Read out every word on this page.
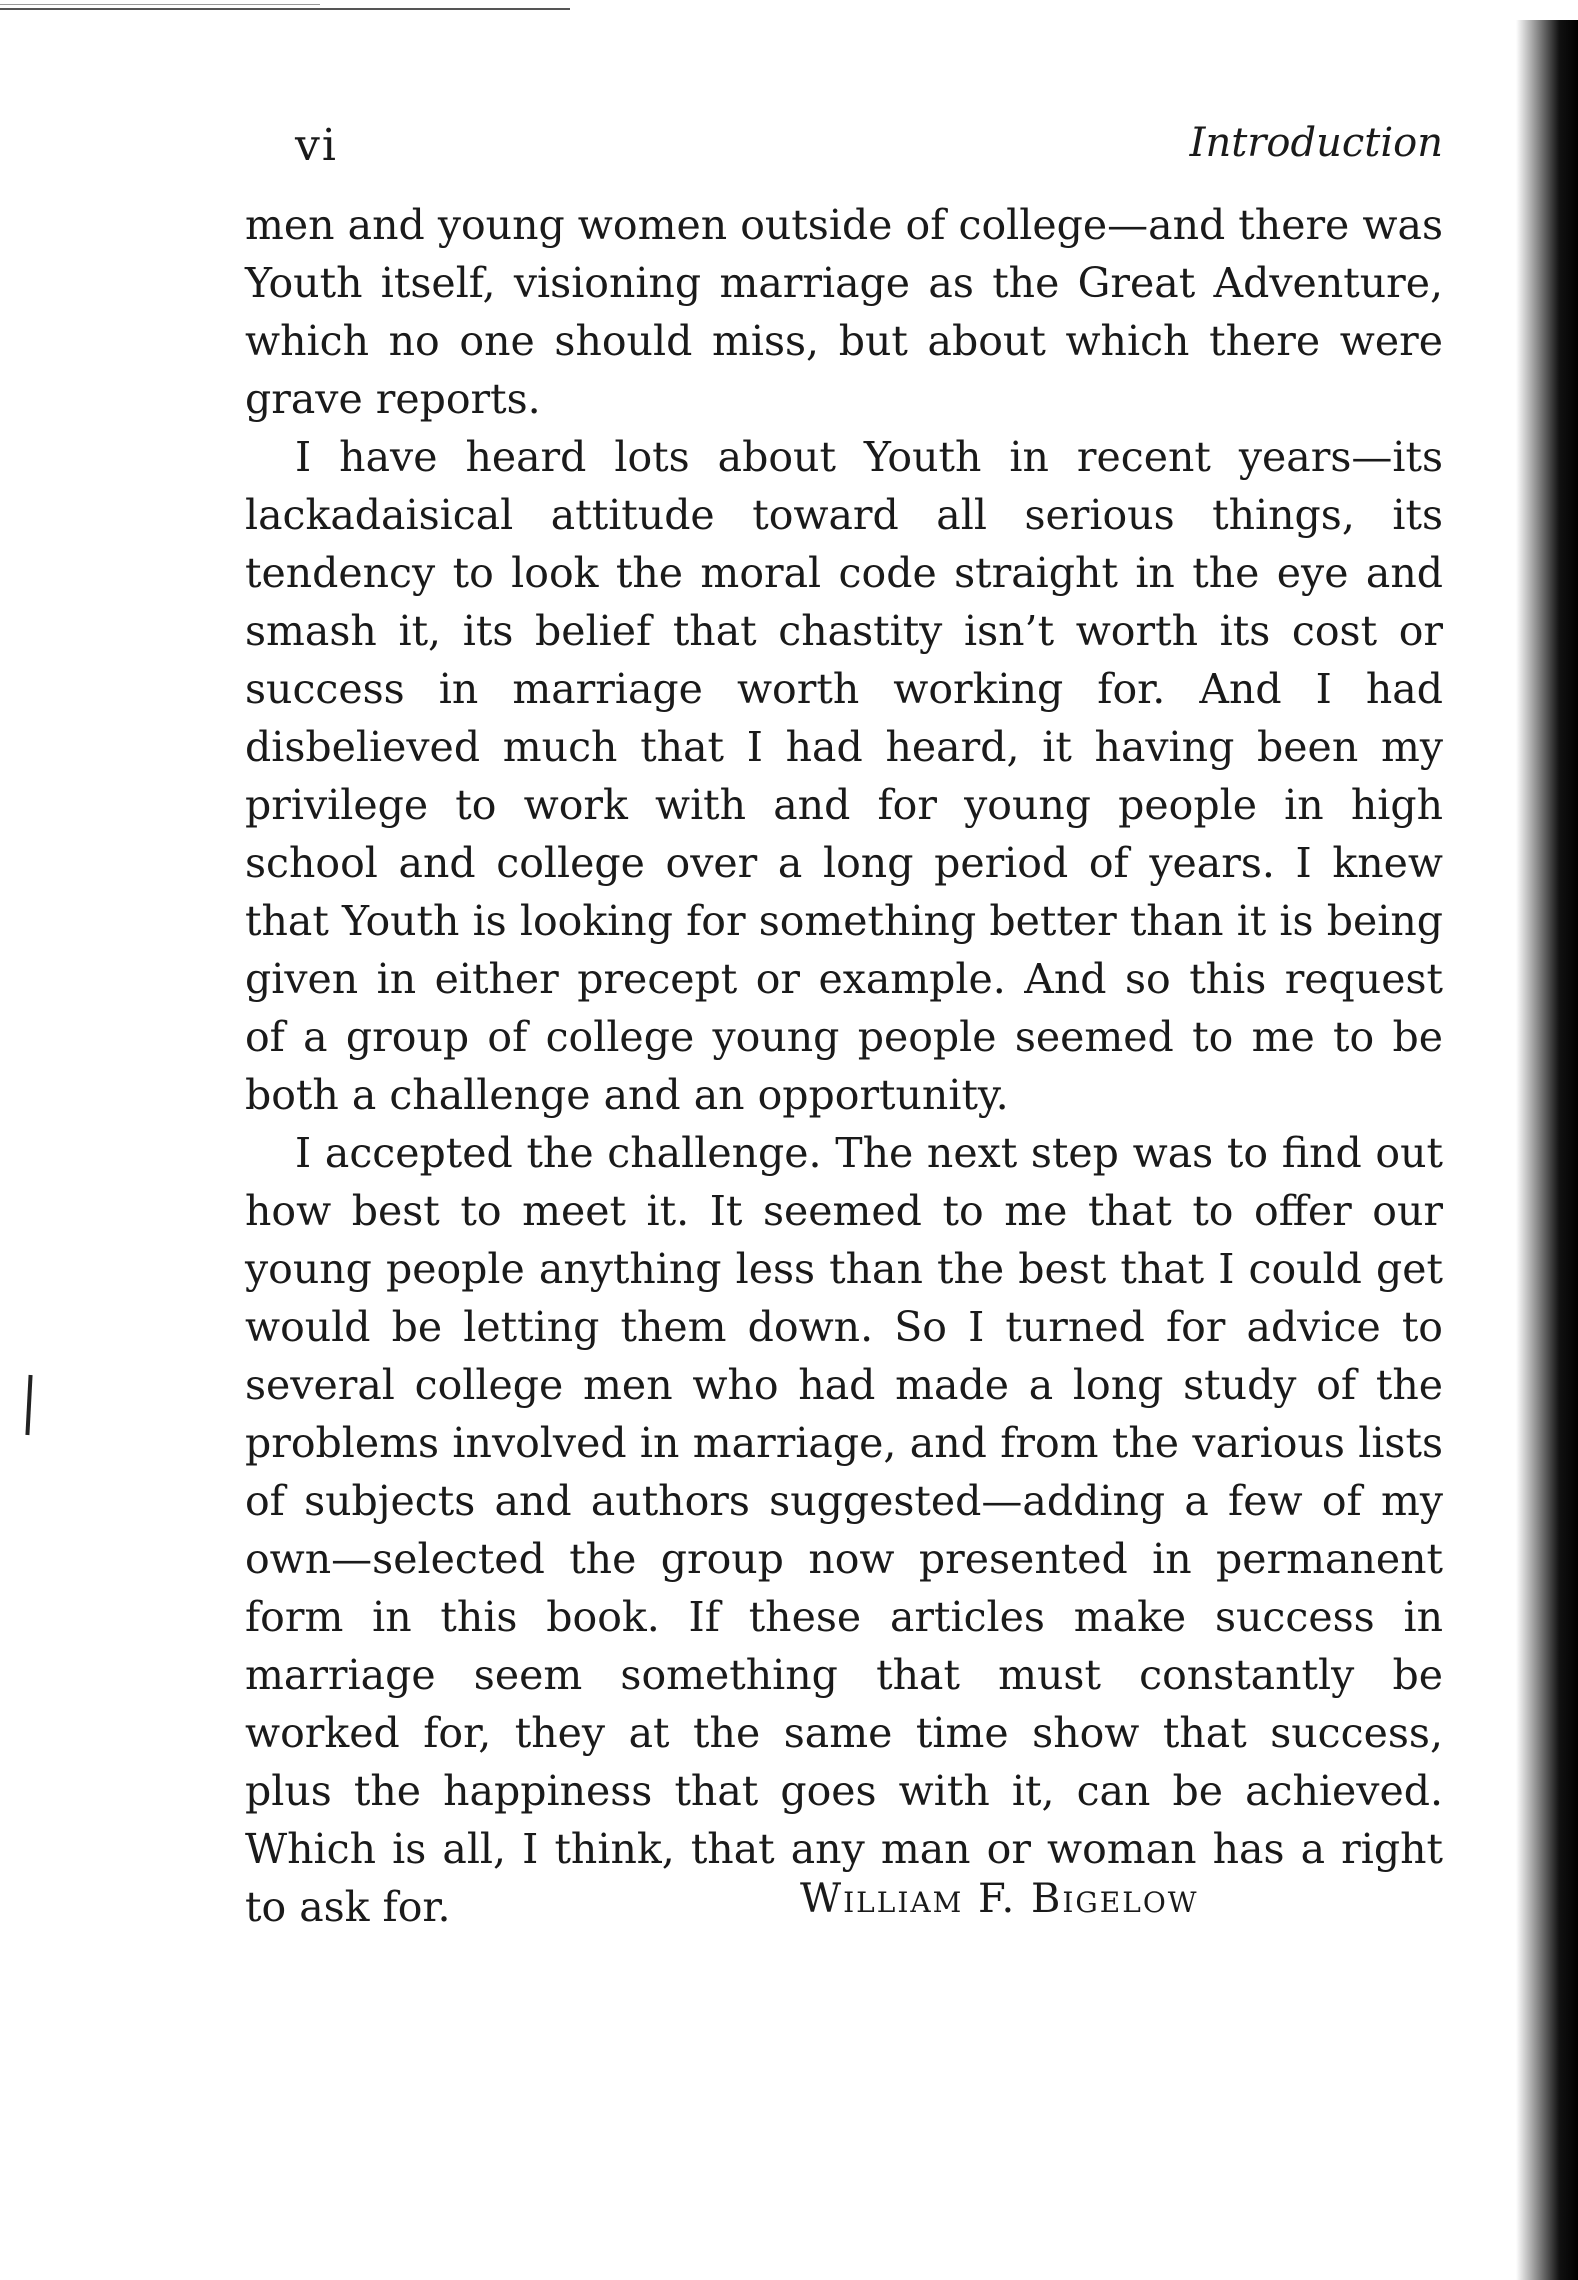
vi	Introduction

men and young women outside of college—and there was Youth itself, visioning marriage as the Great Adventure, which no one should miss, but about which there were grave reports.

I have heard lots about Youth in recent years—its lackadaisical attitude toward all serious things, its tendency to look the moral code straight in the eye and smash it, its belief that chastity isn’t worth its cost or success in marriage worth working for. And I had disbelieved much that I had heard, it having been my privilege to work with and for young people in high school and college over a long period of years. I knew that Youth is looking for something better than it is being given in either precept or example. And so this request of a group of college young people seemed to me to be both a challenge and an opportunity.

I accepted the challenge. The next step was to find out how best to meet it. It seemed to me that to offer our young people anything less than the best that I could get would be letting them down. So I turned for advice to several college men who had made a long study of the problems involved in marriage, and from the various lists of subjects and authors suggested—adding a few of my own—selected the group now presented in permanent form in this book. If these articles make success in marriage seem something that must constantly be worked for, they at the same time show that success, plus the happiness that goes with it, can be achieved. Which is all, I think, that any man or woman has a right to ask for.	William F. Bigelow
